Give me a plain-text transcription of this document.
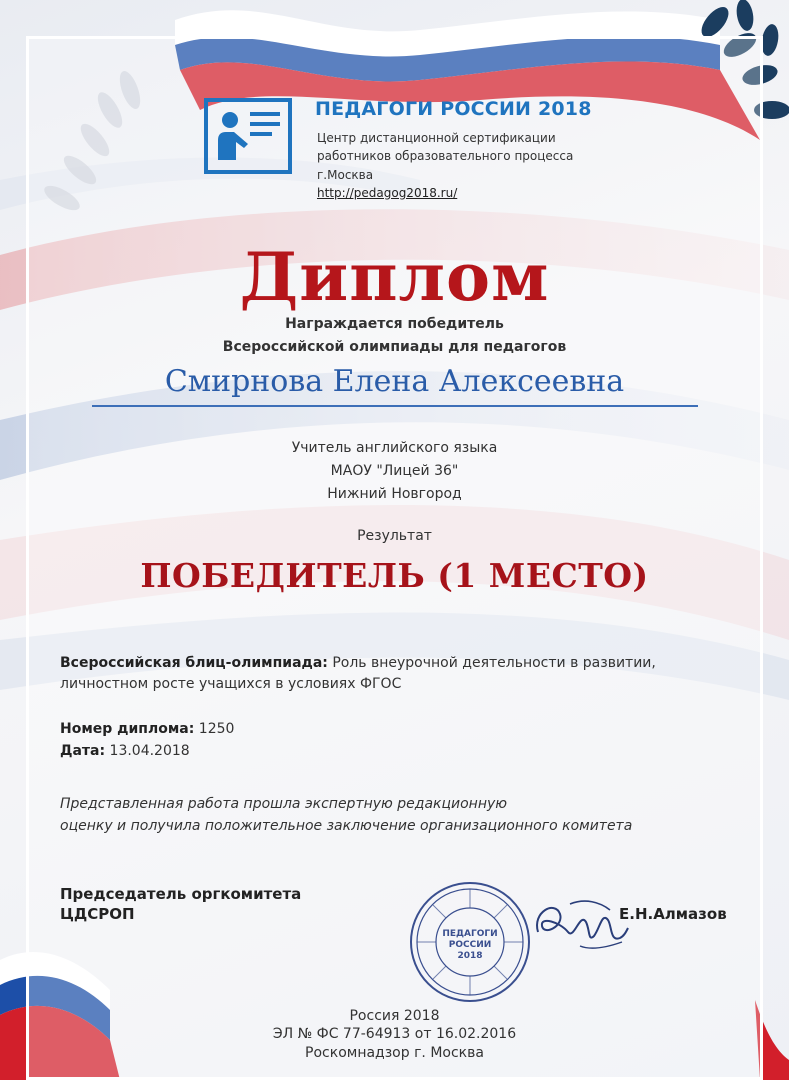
ПЕДАГОГИ РОССИИ 2018
Центр дистанционной сертификации
работников образовательного процесса
г.Москва
http://pedagog2018.ru/
Диплом
Награждается победитель
Всероссийской олимпиады для педагогов
Смирнова Елена Алексеевна
Учитель английского языка
МАОУ "Лицей 36"
Нижний Новгород
Результат
ПОБЕДИТЕЛЬ (1 МЕСТО)
Всероссийская блиц-олимпиада: Роль внеурочной деятельности в развитии,
личностном росте учащихся в условиях ФГОС
Номер диплома: 1250
Дата: 13.04.2018
Представленная работа прошла экспертную редакционную
оценку и получила положительное заключение организационного комитета
Председатель оргкомитета
ЦДСРОП
ПЕДАГОГИ
РОССИИ
2018
Е.Н.Алмазов
Россия 2018
ЭЛ № ФС 77-64913 от 16.02.2016
Роскомнадзор г. Москва
